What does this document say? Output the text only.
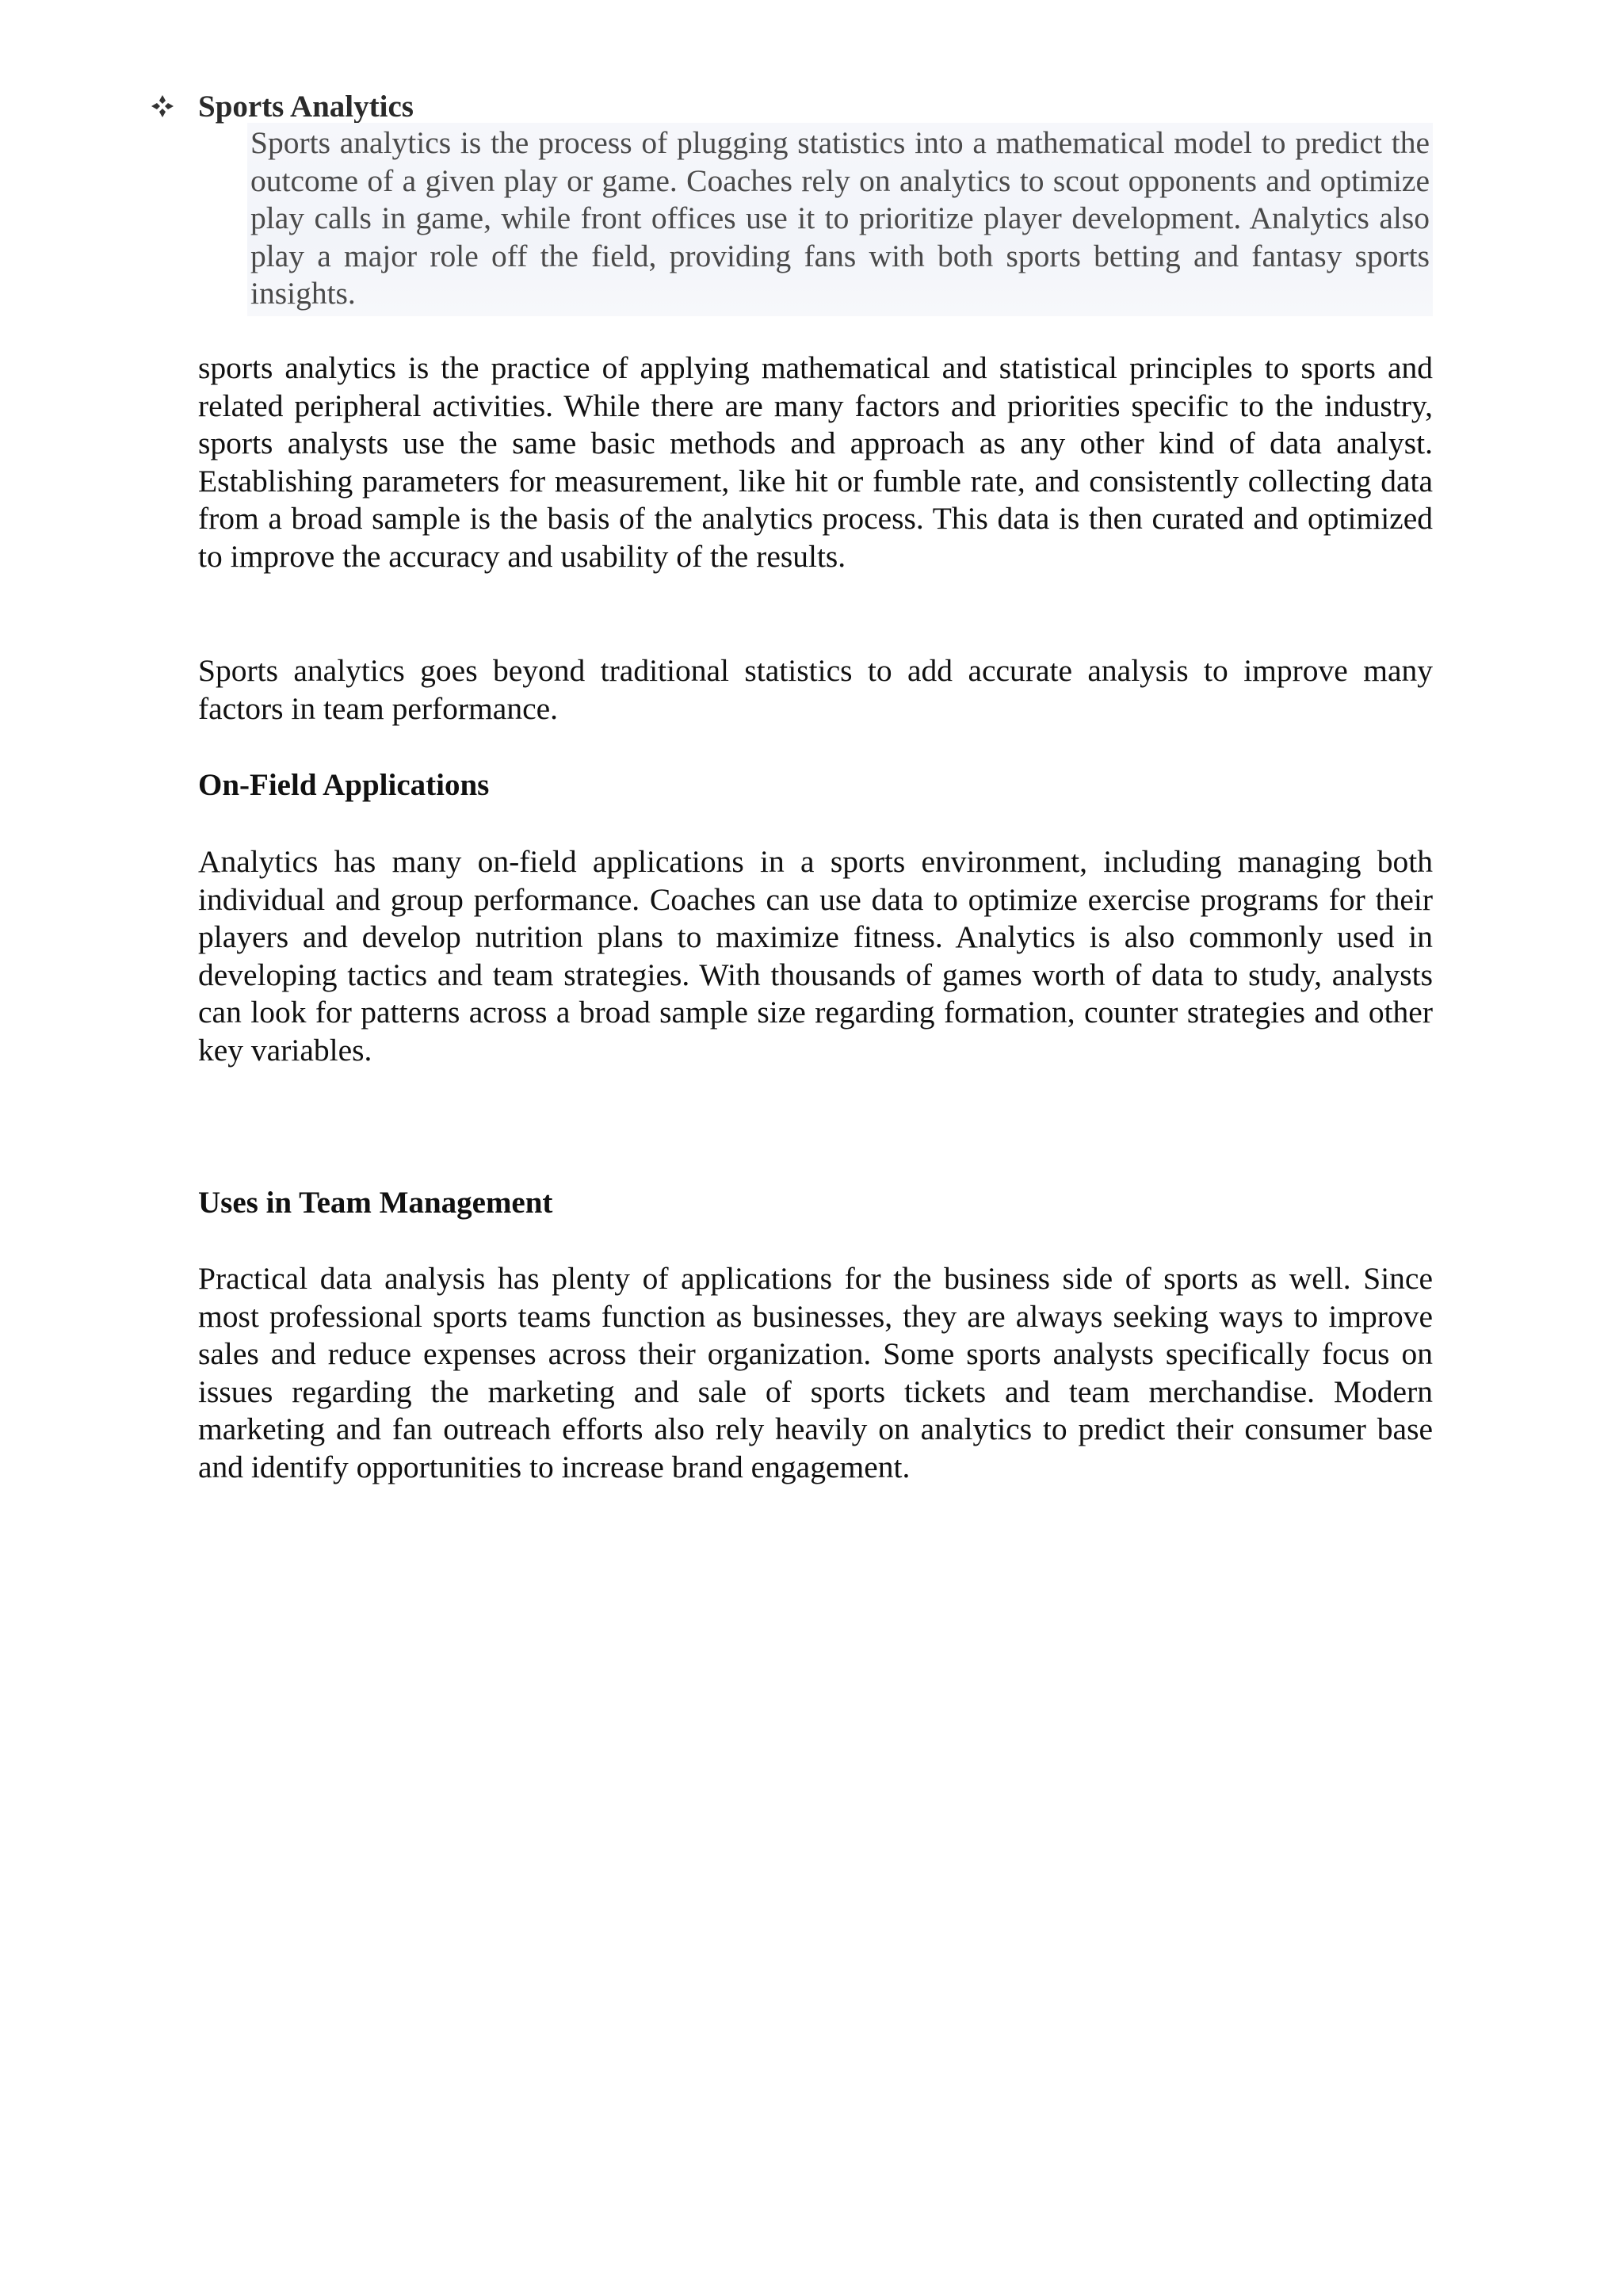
Sports Analytics
Sports analytics is the process of plugging statistics into a mathematical model to predict the outcome of a given play or game. Coaches rely on analytics to scout opponents and optimize play calls in game, while front offices use it to prioritize player development. Analytics also play a major role off the field, providing fans with both sports betting and fantasy sports insights.
sports analytics is the practice of applying mathematical and statistical principles to sports and related peripheral activities. While there are many factors and priorities specific to the industry, sports analysts use the same basic methods and approach as any other kind of data analyst. Establishing parameters for measurement, like hit or fumble rate, and consistently collecting data from a broad sample is the basis of the analytics process. This data is then curated and optimized to improve the accuracy and usability of the results.
Sports analytics goes beyond traditional statistics to add accurate analysis to improve many factors in team performance.
On-Field Applications
Analytics has many on-field applications in a sports environment, including managing both individual and group performance. Coaches can use data to optimize exercise programs for their players and develop nutrition plans to maximize fitness. Analytics is also commonly used in developing tactics and team strategies. With thousands of games worth of data to study, analysts can look for patterns across a broad sample size regarding formation, counter strategies and other key variables.
Uses in Team Management
Practical data analysis has plenty of applications for the business side of sports as well. Since most professional sports teams function as businesses, they are always seeking ways to improve sales and reduce expenses across their organization. Some sports analysts specifically focus on issues regarding the marketing and sale of sports tickets and team merchandise. Modern marketing and fan outreach efforts also rely heavily on analytics to predict their consumer base and identify opportunities to increase brand engagement.
